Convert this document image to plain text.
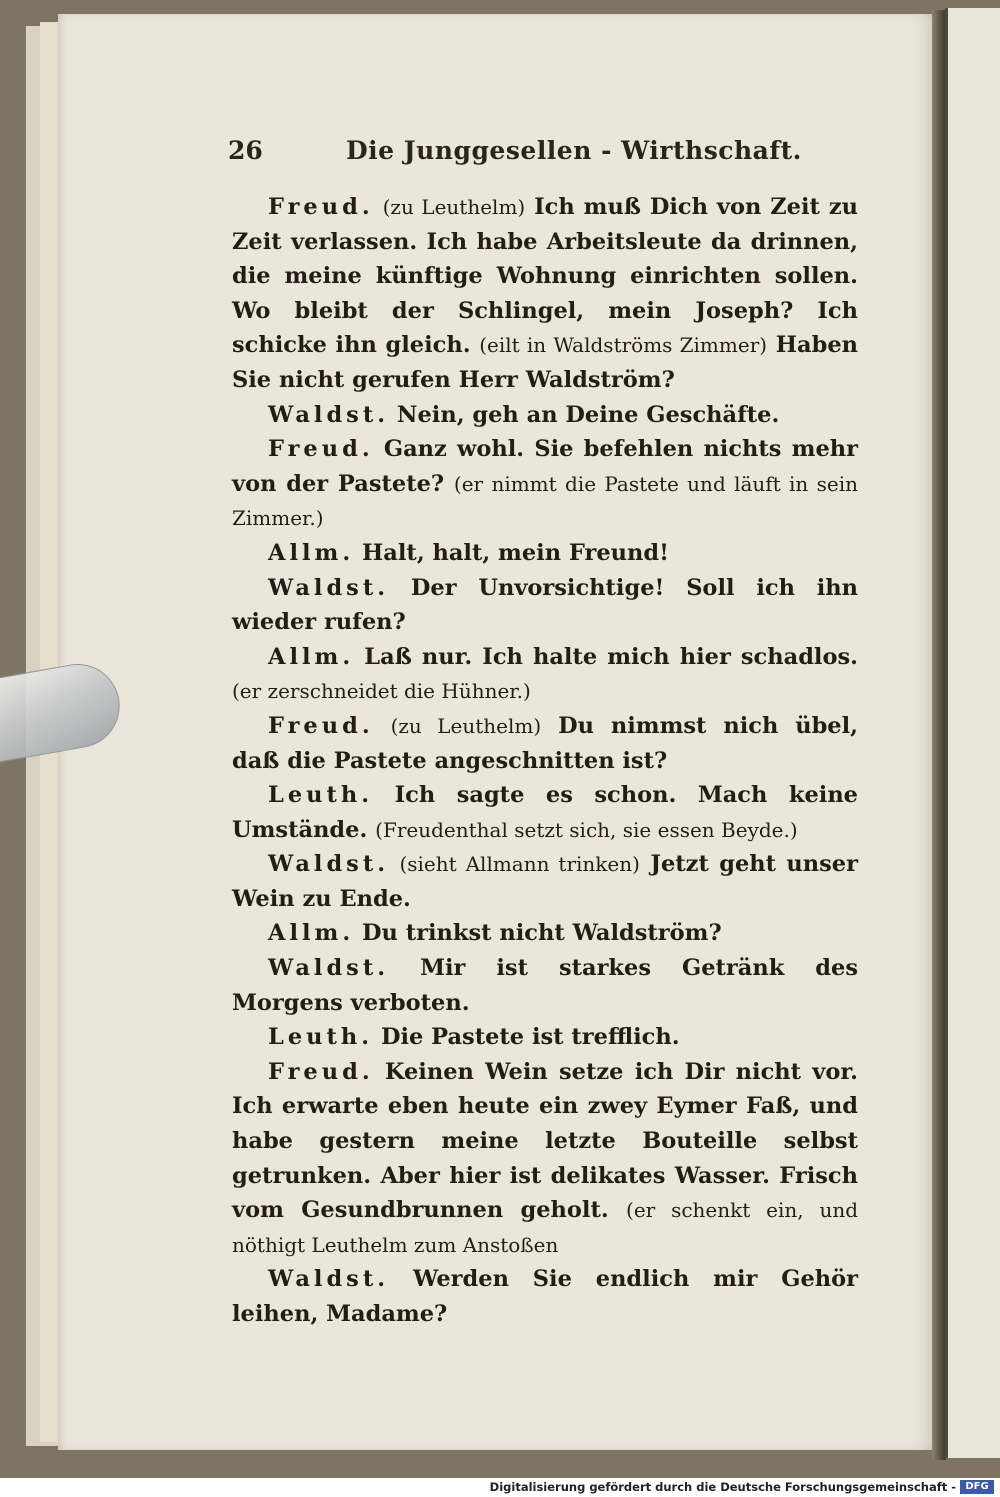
26	Die Junggesellen - Wirthschaft.
Freud. (zu Leuthelm) Ich muß Dich von Zeit zu Zeit verlassen. Ich habe Arbeitsleute da drinnen, die meine künftige Wohnung einrichten sollen. Wo bleibt der Schlingel, mein Joseph? Ich schicke ihn gleich. (eilt in Waldströms Zimmer) Haben Sie nicht gerufen Herr Waldström?
Waldst. Nein, geh an Deine Geschäfte.
Freud. Ganz wohl. Sie befehlen nichts mehr von der Pastete? (er nimmt die Pastete und läuft in sein Zimmer.)
Allm. Halt, halt, mein Freund!
Waldst. Der Unvorsichtige! Soll ich ihn wieder rufen?
Allm. Laß nur. Ich halte mich hier schadlos. (er zerschneidet die Hühner.)
Freud. (zu Leuthelm) Du nimmst nich übel, daß die Pastete angeschnitten ist?
Leuth. Ich sagte es schon. Mach keine Umstände. (Freudenthal setzt sich, sie essen Beyde.)
Waldst. (sieht Allmann trinken) Jetzt geht unser Wein zu Ende.
Allm. Du trinkst nicht Waldström?
Waldst. Mir ist starkes Getränk des Morgens verboten.
Leuth. Die Pastete ist trefflich.
Freud. Keinen Wein setze ich Dir nicht vor. Ich erwarte eben heute ein zwey Eymer Faß, und habe gestern meine letzte Bouteille selbst getrunken. Aber hier ist delikates Wasser. Frisch vom Gesundbrunnen geholt. (er schenkt ein, und nöthigt Leuthelm zum Anstoßen
Waldst. Werden Sie endlich mir Gehör leihen, Madame?
Digitalisierung gefördert durch die Deutsche Forschungsgemeinschaft - DFG
